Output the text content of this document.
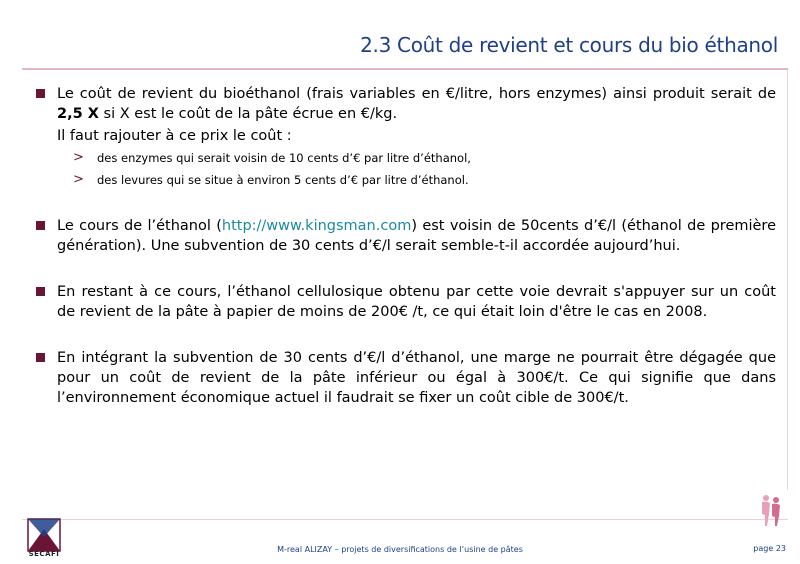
2.3 Coût de revient et cours du bio éthanol
Le coût de revient du bioéthanol (frais variables en €/litre, hors enzymes) ainsi produit serait de 2,5 X si X est le coût de la pâte écrue en €/kg.
Il faut rajouter à ce prix le coût :
> des enzymes qui serait voisin de 10 cents d’€ par litre d’éthanol,
> des levures qui se situe à environ 5 cents d’€ par litre d’éthanol.
Le cours de l’éthanol (http://www.kingsman.com) est voisin de 50cents d’€/l (éthanol de première génération). Une subvention de 30 cents d’€/l serait semble-t-il accordée aujourd’hui.
En restant à ce cours, l’éthanol cellulosique obtenu par cette voie devrait s'appuyer sur un coût de revient de la pâte à papier de moins de 200€ /t, ce qui était loin d'être le cas en 2008.
En intégrant la subvention de 30 cents d’€/l d’éthanol, une marge ne pourrait être dégagée que pour un coût de revient de la pâte inférieur ou égal à 300€/t. Ce qui signifie que dans l’environnement économique actuel il faudrait se fixer un coût cible de 300€/t.
SECAFI	M-real ALIZAY – projets de diversifications de l’usine de pâtes	page 23
